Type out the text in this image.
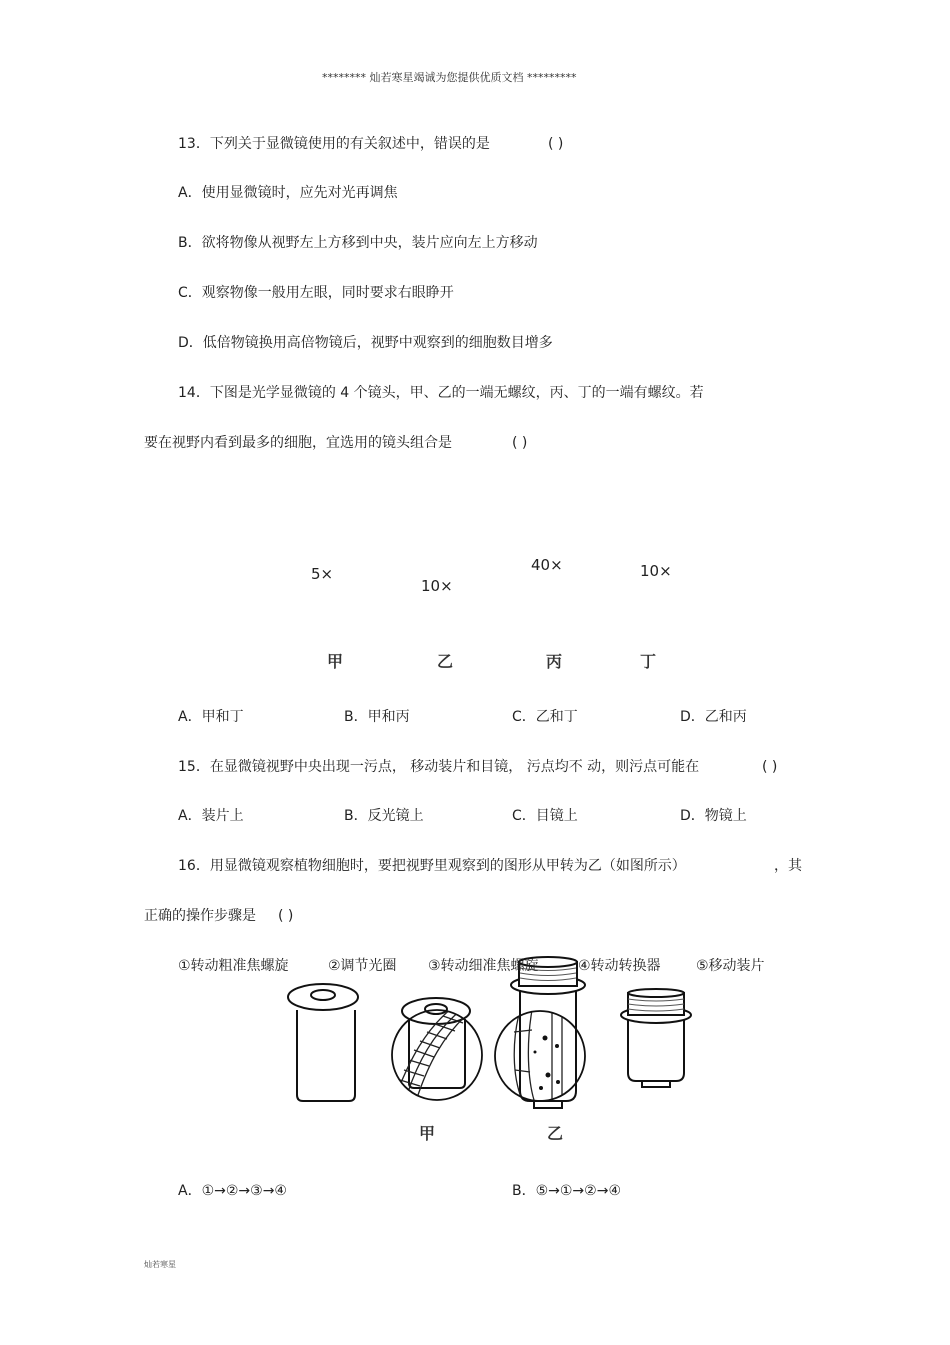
******** 灿若寒星竭诚为您提供优质文档 *********
13．下列关于显微镜使用的有关叙述中，错误的是	( )
A．使用显微镜时，应先对光再调焦
B．欲将物像从视野左上方移到中央，装片应向左上方移动
C．观察物像一般用左眼，同时要求右眼睁开
D．低倍物镜换用高倍物镜后，视野中观察到的细胞数目增多
14．下图是光学显微镜的 4 个镜头，甲、乙的一端无螺纹，丙、丁的一端有螺纹。若
要在视野内看到最多的细胞，宜选用的镜头组合是	( )
5×
10×
40×	10×
甲	乙	丙	丁
A．甲和丁	B．甲和丙	C．乙和丁	D．乙和丙
15．在显微镜视野中央出现一污点， 移动装片和目镜， 污点均不 动，则污点可能在	( )
A．装片上	B．反光镜上	C．目镜上	D．物镜上
16．用显微镜观察植物细胞时，要把视野里观察到的图形从甲转为乙（如图所示）	，其
正确的操作步骤是 ( )
①转动粗准焦螺旋	②调节光圈 ③转动细准焦螺旋	④转动转换器	⑤移动装片
甲	乙
A．①→②→③→④	B．⑤→①→②→④
灿若寒星
